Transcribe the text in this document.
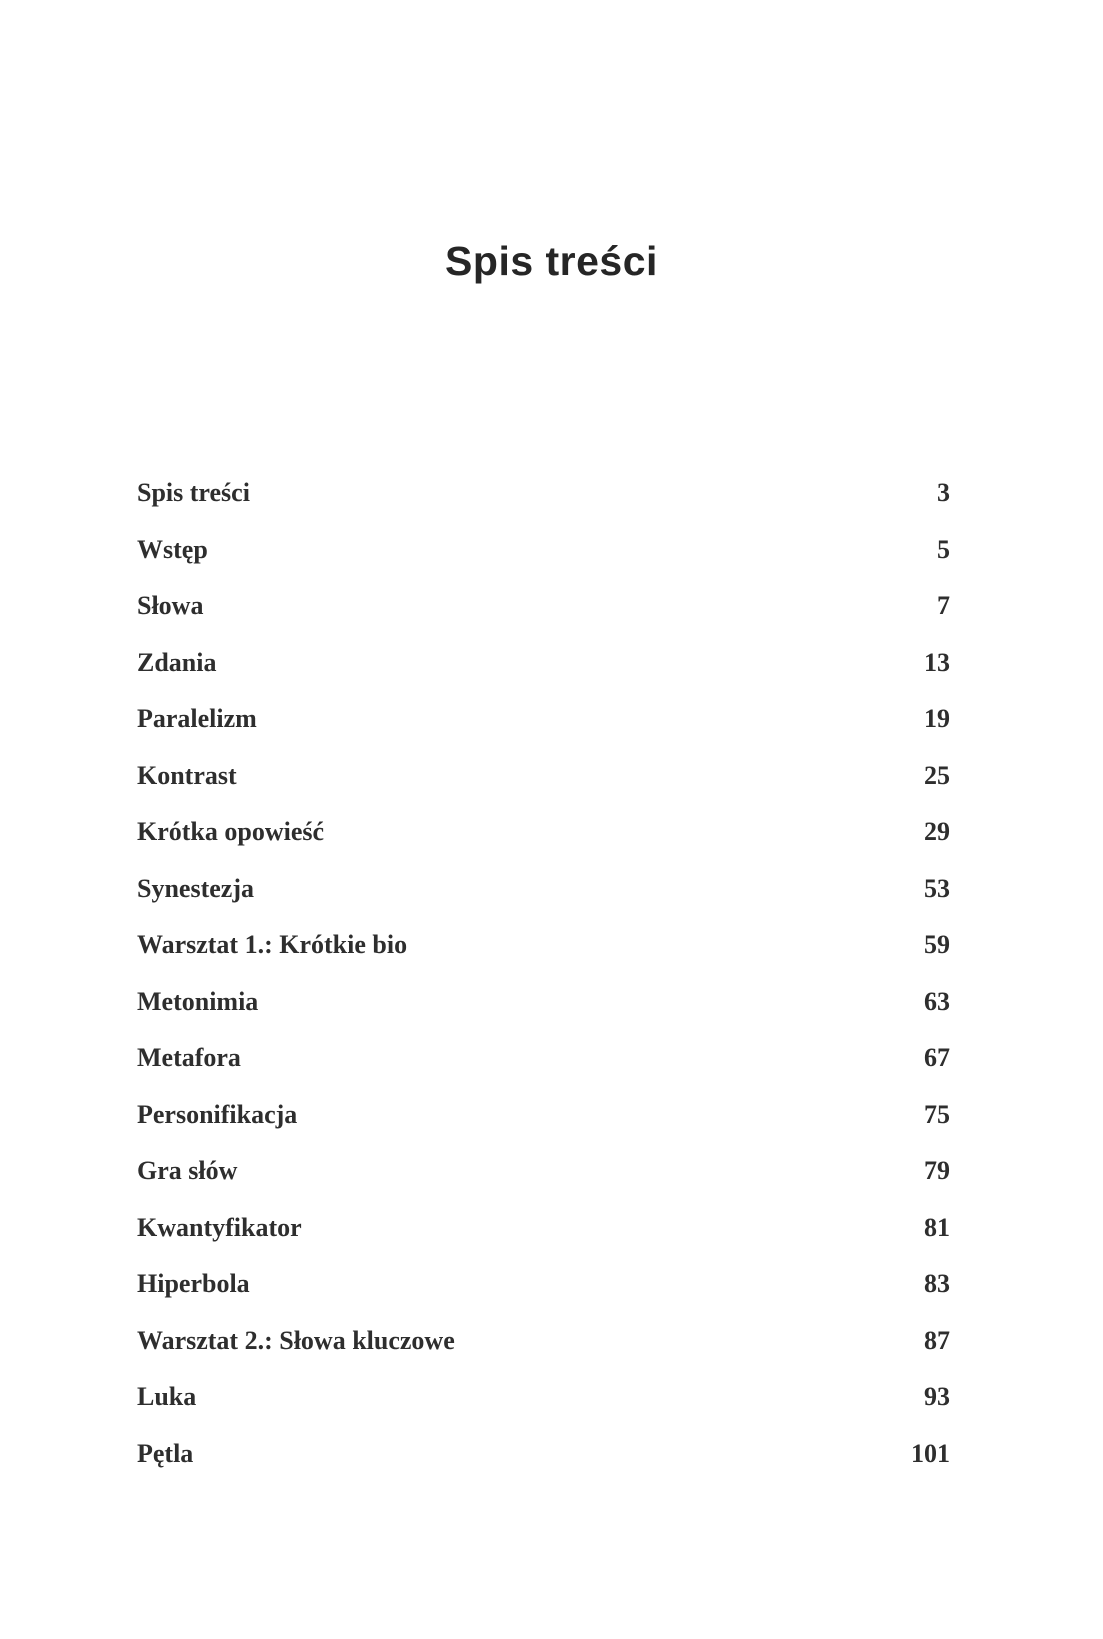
Spis treści
Spis treści	3
Wstęp	5
Słowa	7
Zdania	13
Paralelizm	19
Kontrast	25
Krótka opowieść	29
Synestezja	53
Warsztat 1.: Krótkie bio	59
Metonimia	63
Metafora	67
Personifikacja	75
Gra słów	79
Kwantyfikator	81
Hiperbola	83
Warsztat 2.: Słowa kluczowe	87
Luka	93
Pętla	101
